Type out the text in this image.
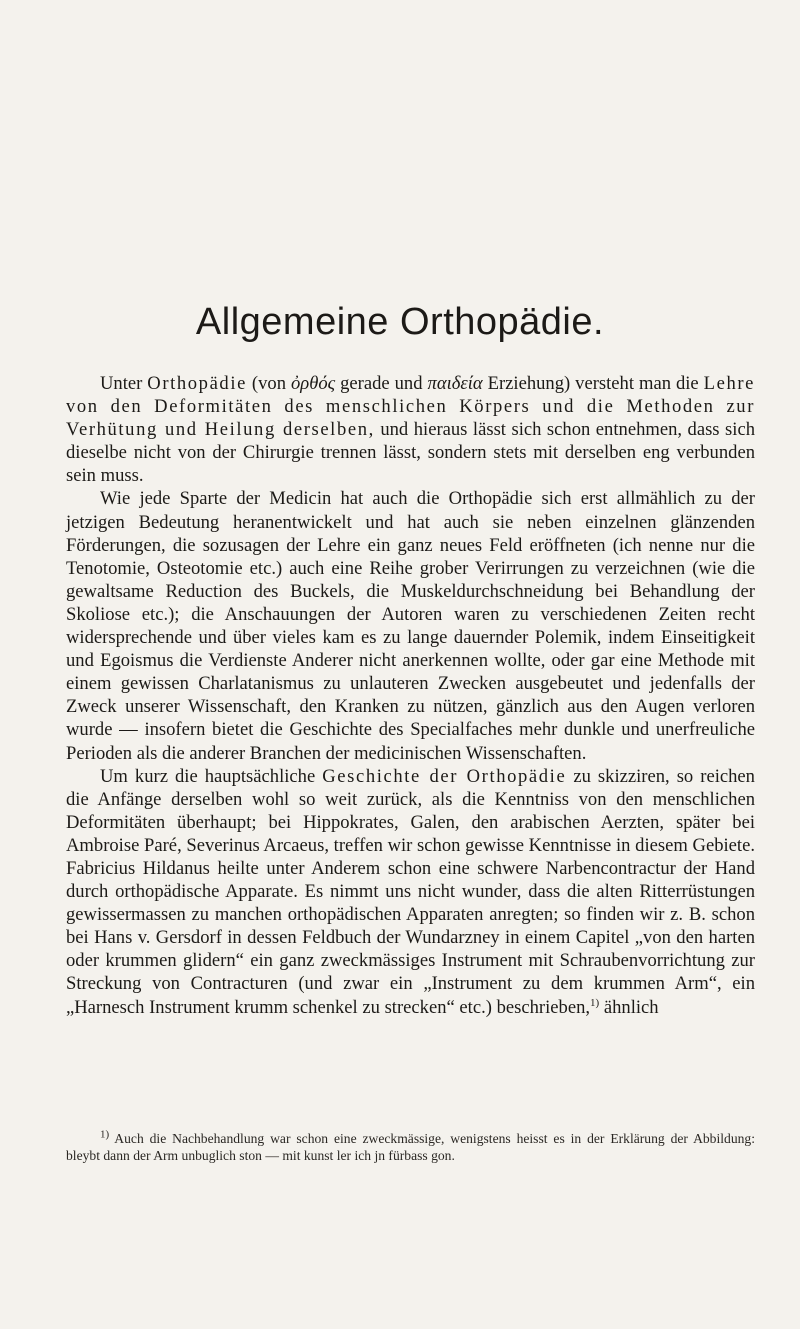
Allgemeine Orthopädie.

Unter Orthopädie (von ὀρθός gerade und παιδεία Erziehung) versteht man die Lehre von den Deformitäten des menschlichen Körpers und die Methoden zur Verhütung und Heilung derselben, und hieraus lässt sich schon entnehmen, dass sich dieselbe nicht von der Chirurgie trennen lässt, sondern stets mit derselben eng verbunden sein muss.

Wie jede Sparte der Medicin hat auch die Orthopädie sich erst allmählich zu der jetzigen Bedeutung heranentwickelt und hat auch sie neben einzelnen glänzenden Förderungen, die sozusagen der Lehre ein ganz neues Feld eröffneten (ich nenne nur die Tenotomie, Osteotomie etc.) auch eine Reihe grober Verirrungen zu verzeichnen (wie die gewaltsame Reduction des Buckels, die Muskeldurchschneidung bei Behandlung der Skoliose etc.); die Anschauungen der Autoren waren zu verschiedenen Zeiten recht widersprechende und über vieles kam es zu lange dauernder Polemik, indem Einseitigkeit und Egoismus die Verdienste Anderer nicht anerkennen wollte, oder gar eine Methode mit einem gewissen Charlatanismus zu unlauteren Zwecken ausgebeutet und jedenfalls der Zweck unserer Wissenschaft, den Kranken zu nützen, gänzlich aus den Augen verloren wurde — insofern bietet die Geschichte des Specialfaches mehr dunkle und unerfreuliche Perioden als die anderer Branchen der medicinischen Wissenschaften.

Um kurz die hauptsächliche Geschichte der Orthopädie zu skizziren, so reichen die Anfänge derselben wohl so weit zurück, als die Kenntniss von den menschlichen Deformitäten überhaupt; bei Hippokrates, Galen, den arabischen Aerzten, später bei Ambroise Paré, Severinus Arcaeus, treffen wir schon gewisse Kenntnisse in diesem Gebiete. Fabricius Hildanus heilte unter Anderem schon eine schwere Narbencontractur der Hand durch orthopädische Apparate. Es nimmt uns nicht wunder, dass die alten Ritterrüstungen gewissermassen zu manchen orthopädischen Apparaten anregten; so finden wir z. B. schon bei Hans v. Gersdorf in dessen Feldbuch der Wundarzney in einem Capitel „von den harten oder krummen glidern“ ein ganz zweckmässiges Instrument mit Schraubenvorrichtung zur Streckung von Contracturen (und zwar ein „Instrument zu dem krummen Arm“, ein „Harnesch Instrument krumm schenkel zu strecken“ etc.) beschrieben,$^{1)}$ ähnlich

$^{1)}$ Auch die Nachbehandlung war schon eine zweckmässige, wenigstens heisst es in der Erklärung der Abbildung: bleybt dann der Arm unbuglich ston — mit kunst ler ich jn fürbass gon.
